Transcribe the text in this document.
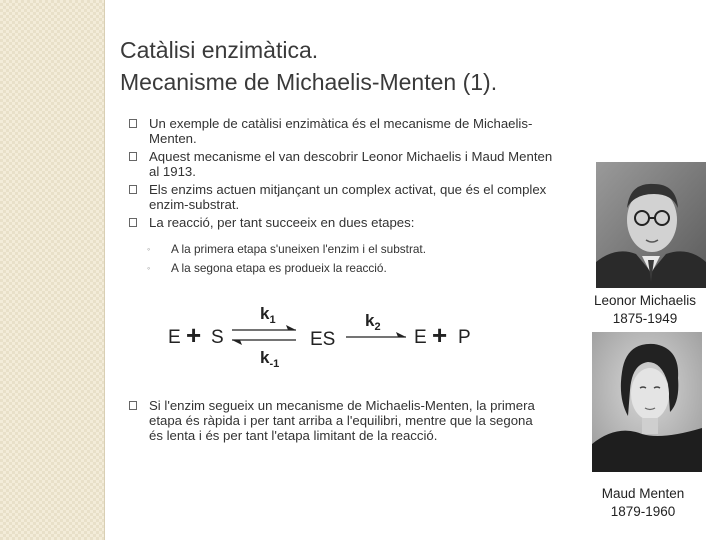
Catàlisi enzimàtica.
Mecanisme de Michaelis-Menten (1).
Un exemple de catàlisi enzimàtica és el mecanisme de Michaelis-Menten.
Aquest mecanisme el van descobrir Leonor Michaelis i Maud Menten al 1913.
Els enzims actuen mitjançant un complex activat, que és el complex enzim-substrat.
La reacció, per tant succeeix en dues etapes:
◦ A la primera etapa s'uneixen l'enzim i el substrat.
◦ A la segona etapa es produeix la reacció.
E + S
$k_1$
$k_{-1}$
ES
$k_2$ E + P
Si l'enzim segueix un mecanisme de Michaelis-Menten, la primera etapa és ràpida i per tant arriba a l'equilibri, mentre que la segona és lenta i és per tant l'etapa limitant de la reacció.
Leonor Michaelis
1875-1949
Maud Menten
1879-1960
